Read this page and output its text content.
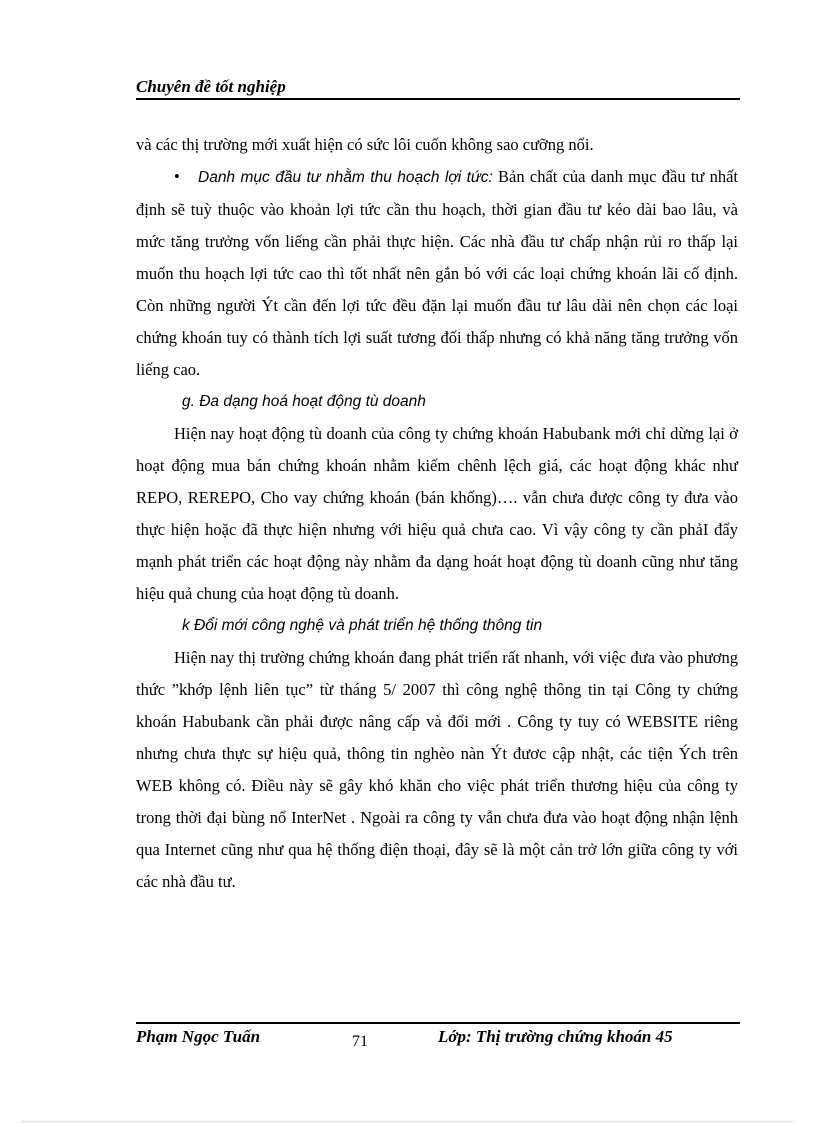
Chuyên đề tốt nghiệp

và các thị trường mới xuất hiện có sức lôi cuốn không sao cưỡng nổi.

• Danh mục đầu tư nhằm thu hoạch lợi tức: Bản chất của danh mục đầu tư nhất định sẽ tuỳ thuộc vào khoản lợi tức cần thu hoạch, thời gian đầu tư kéo dài bao lâu, và mức tăng trưởng vốn liếng cần phải thực hiện. Các nhà đầu tư chấp nhận rủi ro thấp lại muốn thu hoạch lợi tức cao thì tốt nhất nên gắn bó với các loại chứng khoán lãi cố định. Còn những người Ýt cần đến lợi tức đều đặn lại muốn đầu tư lâu dài nên chọn các loại chứng khoán tuy có thành tích lợi suất tương đối thấp nhưng có khả năng tăng trưởng vốn liếng cao.

g. Đa dạng hoá hoạt động tù doanh

Hiện nay hoạt động tù doanh của công ty chứng khoán Habubank mới chỉ dừng lại ở hoạt động mua bán chứng khoán nhằm kiếm chênh lệch giá, các hoạt động khác như REPO, REREPO, Cho vay chứng khoán (bán khống)…. vẫn chưa được công ty đưa vào thực hiện hoặc đã thực hiện nhưng với hiệu quả chưa cao. Vì vậy công ty cần phảI đẩy mạnh phát triển các hoạt động này nhằm đa dạng hoát hoạt động tù doanh cũng như tăng hiệu quả chung của hoạt động tù doanh.

k Đổi mới công nghệ và phát triển hệ thống thông tin

Hiện nay thị trường chứng khoán đang phát triển rất nhanh, với việc đưa vào phương thức ”khớp lệnh liên tục” từ tháng 5/ 2007 thì công nghệ thông tin tại Công ty chứng khoán Habubank cần phải được nâng cấp và đổi mới . Công ty tuy có WEBSITE riêng nhưng chưa thực sự hiệu quả, thông tin nghèo nàn Ýt đươc cập nhật, các tiện Ých trên WEB không có. Điều này sẽ gây khó khăn cho việc phát triển thương hiệu của công ty trong thời đại bùng nổ InterNet . Ngoài ra công ty vẫn chưa đưa vào hoạt động nhận lệnh qua Internet cũng như qua hệ thống điện thoại, đây sẽ là một cản trở lớn giữa công ty với các nhà đầu tư.

Phạm Ngọc Tuấn	71	Lớp: Thị trường chứng khoán 45
